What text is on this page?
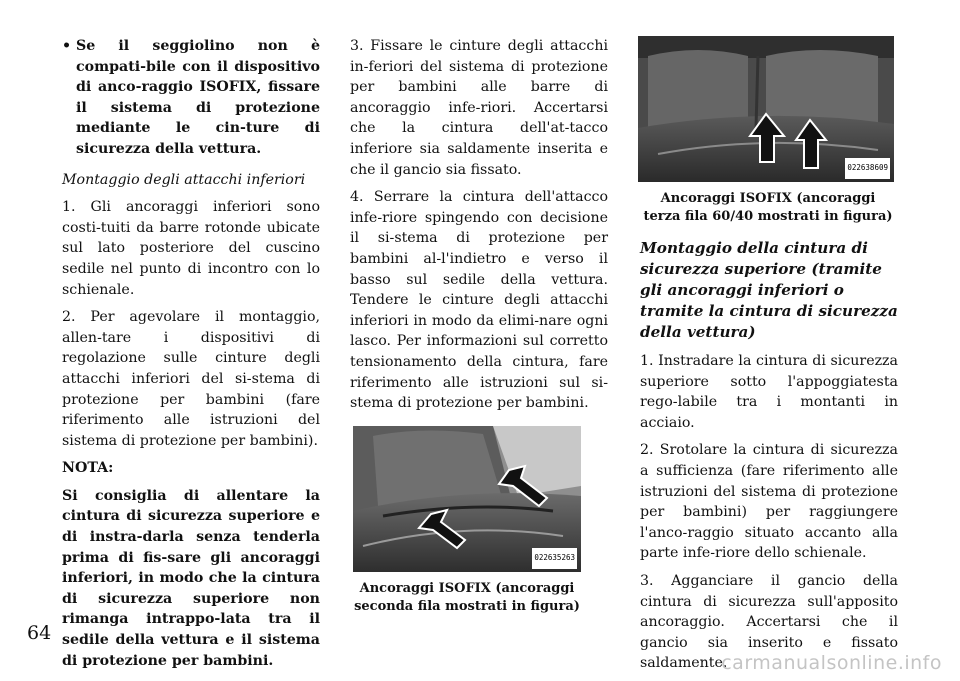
• Se il seggiolino non è compati-bile con il dispositivo di anco-raggio ISOFIX, fissare il sistema di protezione mediante le cin-ture di sicurezza della vettura.

Montaggio degli attacchi inferiori

1. Gli ancoraggi inferiori sono costi-tuiti da barre rotonde ubicate sul lato posteriore del cuscino sedile nel punto di incontro con lo schienale.

2. Per agevolare il montaggio, allen-tare i dispositivi di regolazione sulle cinture degli attacchi inferiori del si-stema di protezione per bambini (fare riferimento alle istruzioni del sistema di protezione per bambini).

NOTA:

Si consiglia di allentare la cintura di sicurezza superiore e di instra-darla senza tenderla prima di fis-sare gli ancoraggi inferiori, in modo che la cintura di sicurezza superiore non rimanga intrappo-lata tra il sedile della vettura e il sistema di protezione per bambini.

3. Fissare le cinture degli attacchi in-feriori del sistema di protezione per bambini alle barre di ancoraggio infe-riori. Accertarsi che la cintura dell'at-tacco inferiore sia saldamente inserita e che il gancio sia fissato.

4. Serrare la cintura dell'attacco infe-riore spingendo con decisione il si-stema di protezione per bambini al-l'indietro e verso il basso sul sedile della vettura. Tendere le cinture degli attacchi inferiori in modo da elimi-nare ogni lasco. Per informazioni sul corretto tensionamento della cintura, fare riferimento alle istruzioni sul si-stema di protezione per bambini.

022635263
Ancoraggi ISOFIX (ancoraggi seconda fila mostrati in figura)
022638609
Ancoraggi ISOFIX (ancoraggi terza fila 60/40 mostrati in figura)

Montaggio della cintura di sicurezza superiore (tramite gli ancoraggi inferiori o tramite la cintura di sicurezza della vettura)

1. Instradare la cintura di sicurezza superiore sotto l'appoggiatesta rego-labile tra i montanti in acciaio.

2. Srotolare la cintura di sicurezza a sufficienza (fare riferimento alle istruzioni del sistema di protezione per bambini) per raggiungere l'anco-raggio situato accanto alla parte infe-riore dello schienale.

3. Agganciare il gancio della cintura di sicurezza sull'apposito ancoraggio. Accertarsi che il gancio sia inserito e fissato saldamente.

64
carmanualsonline.info
